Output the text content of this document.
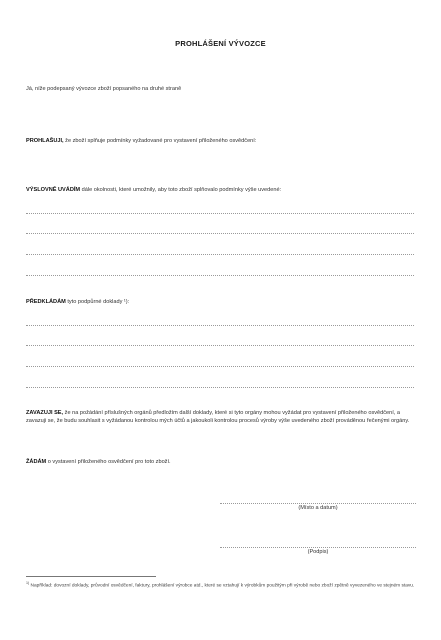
PROHLÁŠENÍ VÝVOZCE
Já, níže podepsaný vývozce zboží popsaného na druhé straně
PROHLAŠUJI, že zboží splňuje podmínky vyžadované pro vystavení přiloženého osvědčení:
VÝSLOVNĚ UVÁDÍM dále okolnosti, které umožnily, aby toto zboží splňovalo podmínky výše uvedené:
PŘEDKLÁDÁM tyto podpůrné doklady ¹):
ZAVAZUJI SE, že na požádání příslušných orgánů předložím další doklady, které si tyto orgány mohou vyžádat pro vystavení přiloženého osvědčení, a zavazuji se, že budu souhlasit s vyžádanou kontrolou mých účtů a jakoukoli kontrolou procesů výroby výše uvedeného zboží prováděnou řečenými orgány.
ŽÁDÁM o vystavení přiloženého osvědčení pro toto zboží.
(Místo a datum)
(Podpis)
$^{1)}$ Například: dovozní doklady, průvodní osvědčení, faktury, prohlášení výrobce atd., které se vztahují k výrobkům použitým při výrobě nebo zboží zpětně vyvezeného ve stejném stavu.
